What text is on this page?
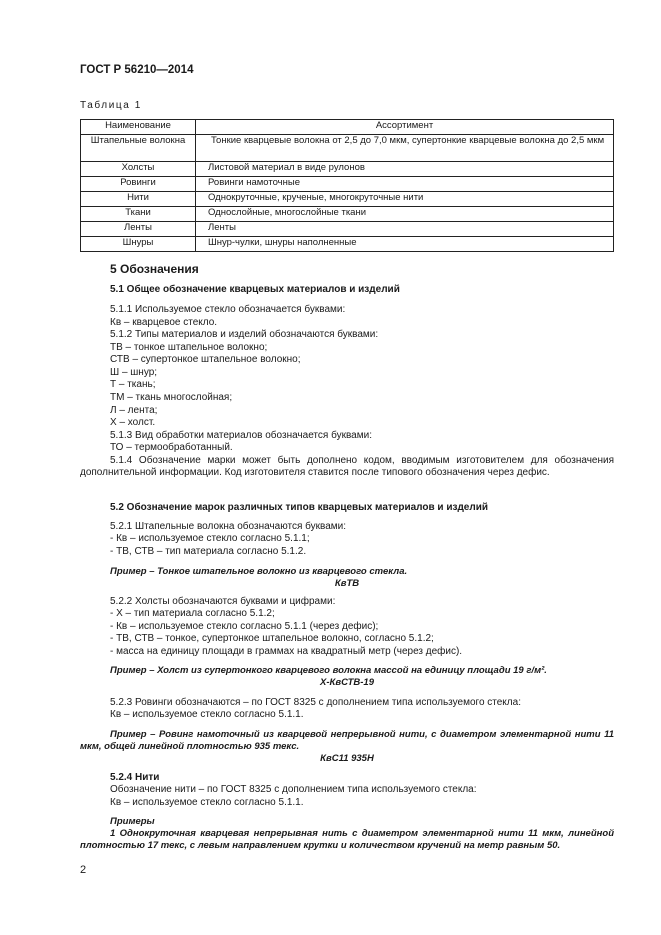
ГОСТ Р 56210—2014
Таблица 1
Наименование	Ассортимент
Штапельные волокна	Тонкие кварцевые волокна от 2,5 до 7,0 мкм, супертонкие кварцевые волокна до 2,5 мкм
Холсты	Листовой материал в виде рулонов
Ровинги	Ровинги намоточные
Нити	Однокруточные, крученые, многокруточные нити
Ткани	Однослойные, многослойные ткани
Ленты	Ленты
Шнуры	Шнур-чулки, шнуры наполненные
5 Обозначения
5.1 Общее обозначение кварцевых материалов и изделий
5.1.1 Используемое стекло обозначается буквами:
Кв – кварцевое стекло.
5.1.2 Типы материалов и изделий обозначаются буквами:
ТВ – тонкое штапельное волокно;
СТВ – супертонкое штапельное волокно;
Ш – шнур;
Т – ткань;
ТМ – ткань многослойная;
Л – лента;
Х – холст.
5.1.3 Вид обработки материалов обозначается буквами:
ТО – термообработанный.
5.1.4 Обозначение марки может быть дополнено кодом, вводимым изготовителем для обозначения дополнительной информации. Код изготовителя ставится после типового обозначения через дефис.
5.2 Обозначение марок различных типов кварцевых материалов и изделий
5.2.1 Штапельные волокна обозначаются буквами:
- Кв – используемое стекло согласно 5.1.1;
- ТВ, СТВ – тип материала согласно 5.1.2.
Пример – Тонкое штапельное волокно из кварцевого стекла.
КвТВ
5.2.2 Холсты обозначаются буквами и цифрами:
- Х – тип материала согласно 5.1.2;
- Кв – используемое стекло согласно 5.1.1 (через дефис);
- ТВ, СТВ – тонкое, супертонкое штапельное волокно, согласно 5.1.2;
- масса на единицу площади в граммах на квадратный метр (через дефис).
Пример – Холст из супертонкого кварцевого волокна массой на единицу площади 19 г/м².
Х-КвСТВ-19
5.2.3 Ровинги обозначаются – по ГОСТ 8325 с дополнением типа используемого стекла:
Кв – используемое стекло согласно 5.1.1.
Пример – Ровинг намоточный из кварцевой непрерывной нити, с диаметром элементарной нити 11 мкм, общей линейной плотностью 935 текс.
КвС11 935Н
5.2.4 Нити
Обозначение нити – по ГОСТ 8325 с дополнением типа используемого стекла:
Кв – используемое стекло согласно 5.1.1.
Примеры
1 Однокруточная кварцевая непрерывная нить с диаметром элементарной нити 11 мкм, линейной плотностью 17 текс, с левым направлением крутки и количеством кручений на метр равным 50.
2
